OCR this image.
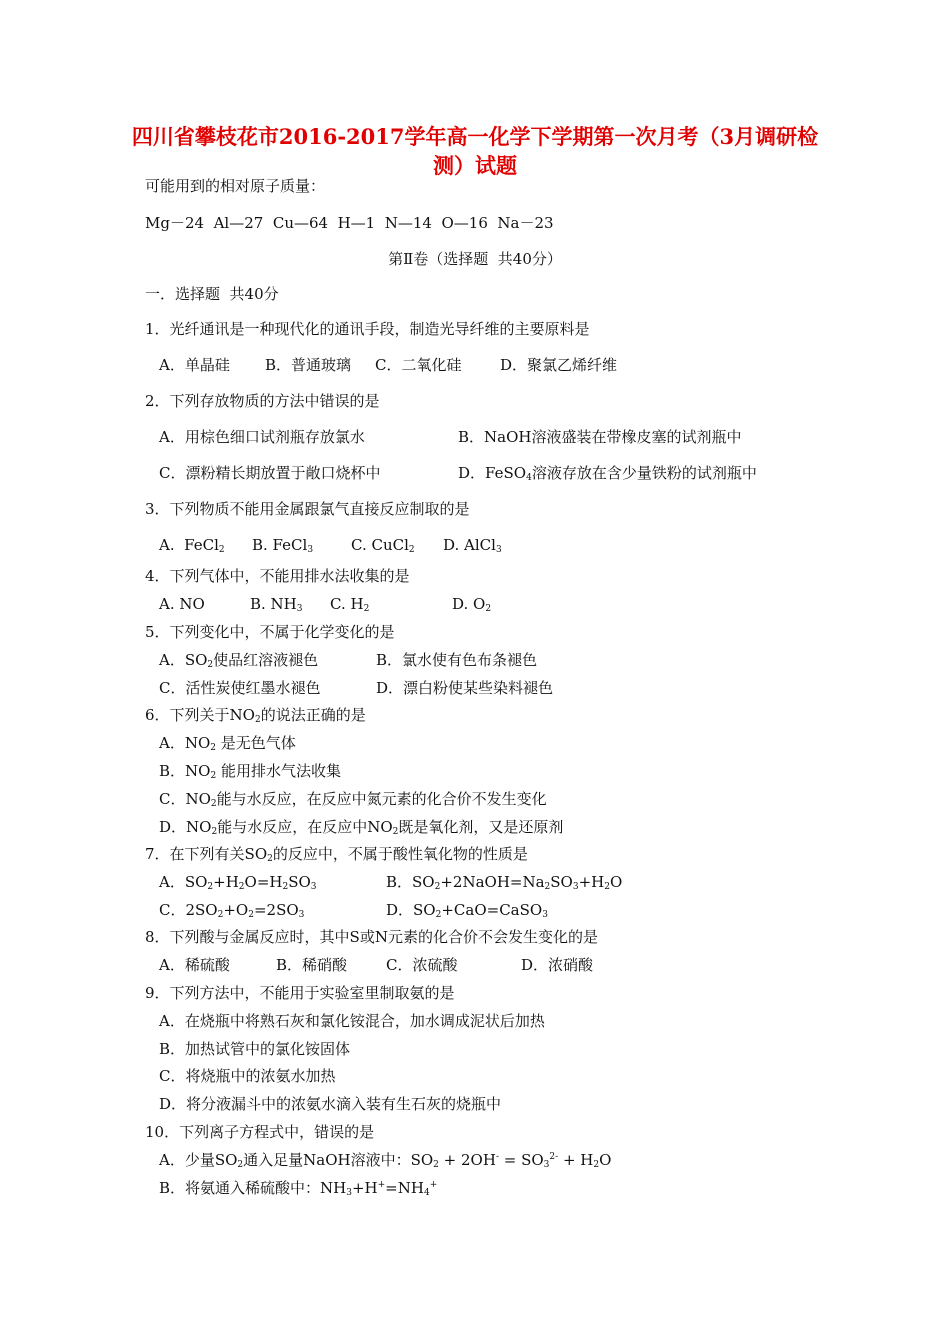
四川省攀枝花市2016-2017学年高一化学下学期第一次月考（3月调研检测）试题
可能用到的相对原子质量：
Mg－24  Al—27  Cu—64  H—1  N—14  O—16  Na－23
第Ⅱ卷（选择题  共40分）
一．选择题  共40分
1．光纤通讯是一种现代化的通讯手段，制造光导纤维的主要原料是
A．单晶硅 B．普通玻璃 C．二氧化硅	D．聚氯乙烯纤维
2．下列存放物质的方法中错误的是
A．用棕色细口试剂瓶存放氯水	B．NaOH溶液盛装在带橡皮塞的试剂瓶中
C．漂粉精长期放置于敞口烧杯中	D．FeSO$_4$溶液存放在含少量铁粉的试剂瓶中
3．下列物质不能用金属跟氯气直接反应制取的是
A.  FeCl$_2$ B. FeCl$_3$	C. CuCl$_2$ D. AlCl$_3$
4．下列气体中，不能用排水法收集的是
A. NO	B. $NH_3$ C. $H_2$	D. $O_2$
5．下列变化中，不属于化学变化的是
A．$SO_2$使品红溶液褪色	B．氯水使有色布条褪色
C．活性炭使红墨水褪色	D．漂白粉使某些染料褪色
6．下列关于$NO_2$的说法正确的是
A．$NO_2$ 是无色气体
B．$NO_2$ 能用排水气法收集
C．$NO_2$能与水反应，在反应中氮元素的化合价不发生变化
D．$NO_2$能与水反应，在反应中$NO_2$既是氧化剂，又是还原剂
7．在下列有关$SO_2$的反应中，不属于酸性氧化物的性质是
A．$SO_2+H_2O=H_2SO_3$	B．$SO_2+2NaOH=Na_2SO_3+H_2O$
C．$2SO_2+O_2=2SO_3$	D．$SO_2+CaO=CaSO_3$
8．下列酸与金属反应时，其中S或N元素的化合价不会发生变化的是
A．稀硫酸	B．稀硝酸	C．浓硫酸	D．浓硝酸
9．下列方法中，不能用于实验室里制取氨的是
A．在烧瓶中将熟石灰和氯化铵混合，加水调成泥状后加热
B．加热试管中的氯化铵固体
C．将烧瓶中的浓氨水加热
D．将分液漏斗中的浓氨水滴入装有生石灰的烧瓶中
10．下列离子方程式中，错误的是
A．少量$SO_2$通入足量NaOH溶液中：$SO_2 + 2OH^- = SO_3^{2-} + H_2O$
B．将氨通入稀硫酸中：$NH_3+H^+=NH_4^+$
